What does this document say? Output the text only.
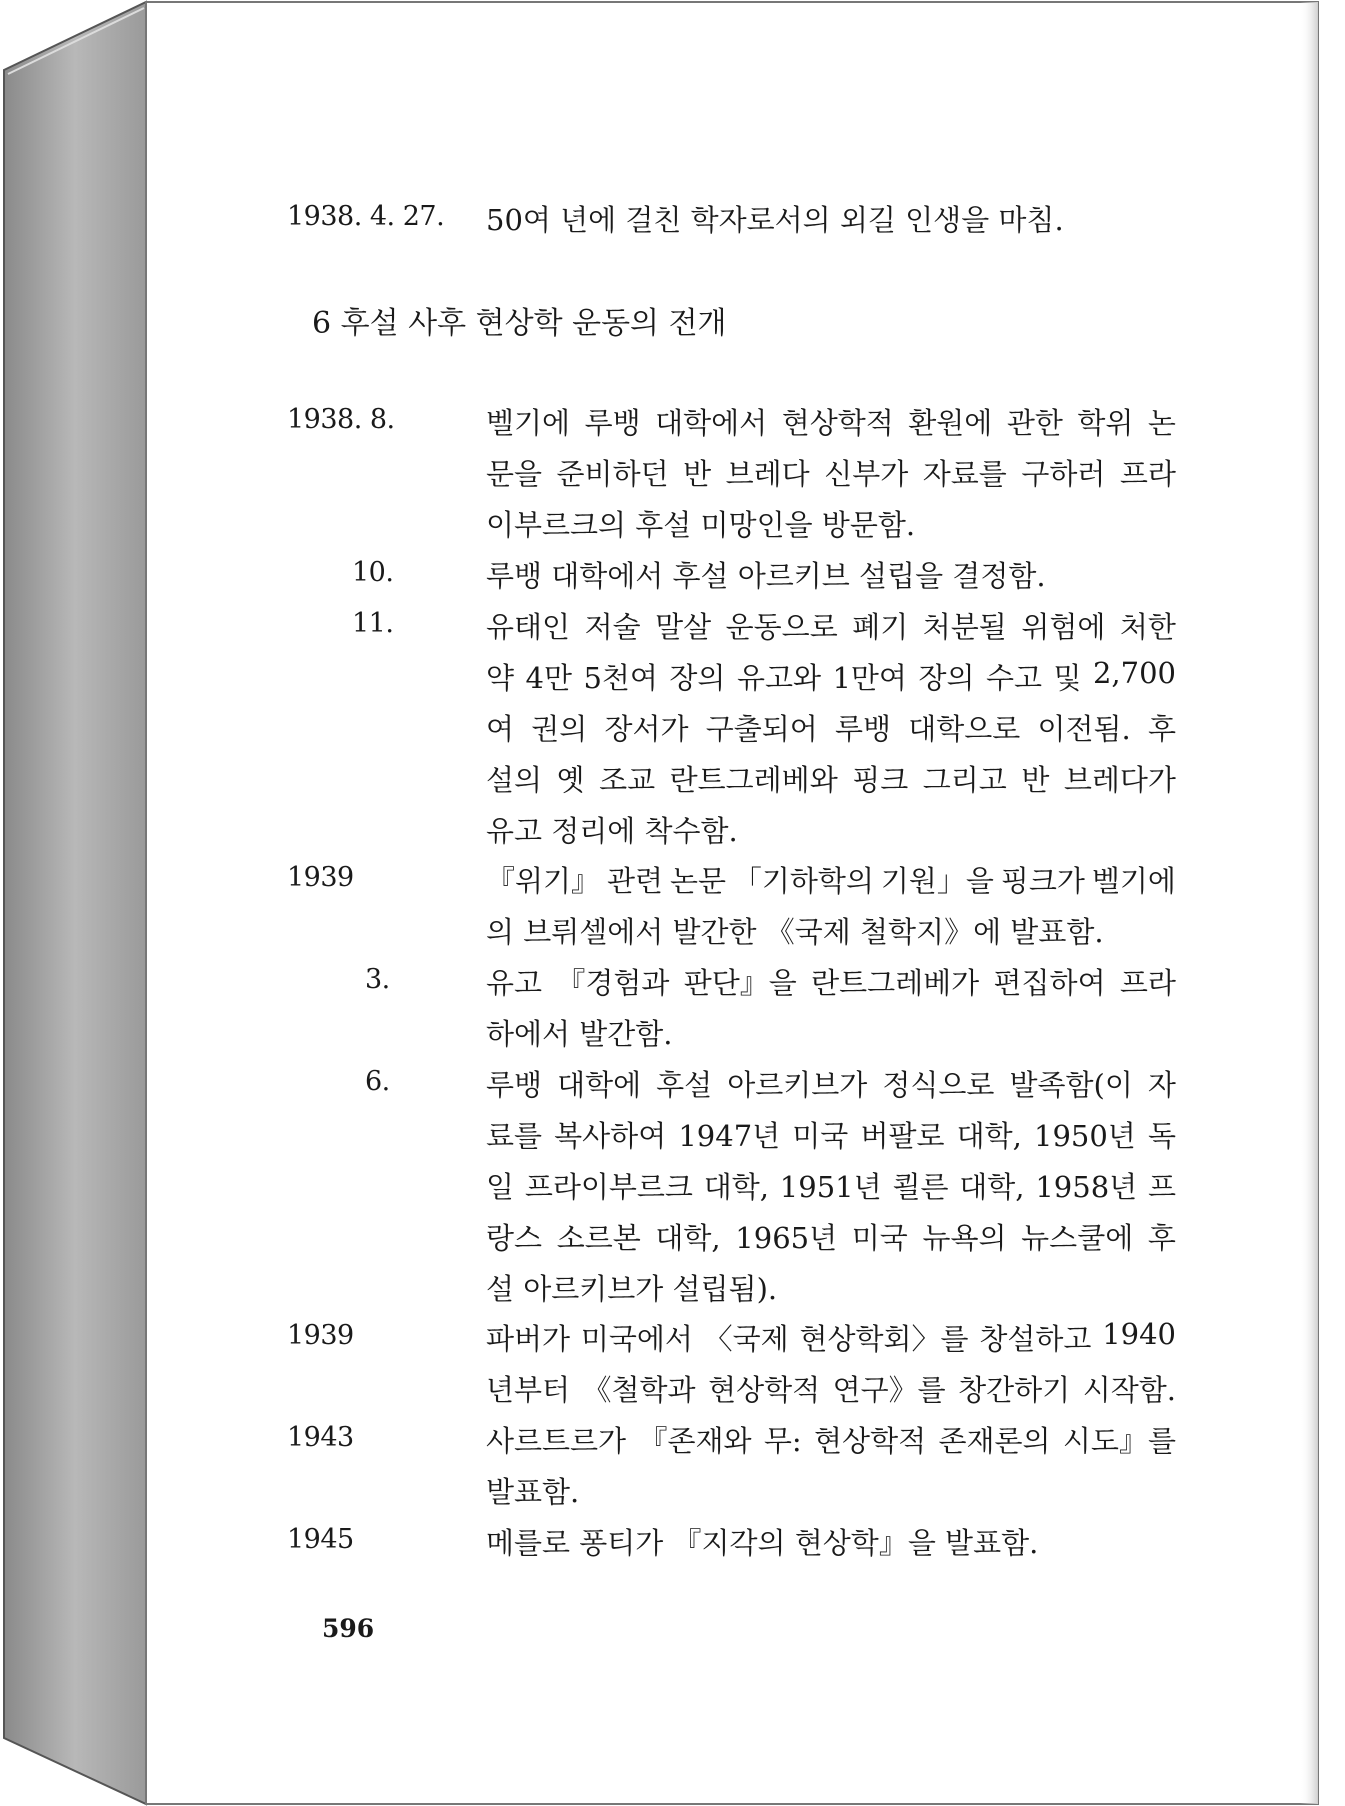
1938. 4. 27. 50여 년에 걸친 학자로서의 외길 인생을 마침.
6 후설 사후 현상학 운동의 전개
1938. 8.	벨기에 루뱅 대학에서 현상학적 환원에 관한 학위 논
문을 준비하던 반 브레다 신부가 자료를 구하러 프라
이부르크의 후설 미망인을 방문함.
10.	루뱅 대학에서 후설 아르키브 설립을 결정함.
11.	유태인 저술 말살 운동으로 폐기 처분될 위험에 처한
약 4만 5천여 장의 유고와 1만여 장의 수고 및 2,700
여 권의 장서가 구출되어 루뱅 대학으로 이전됨. 후
설의 옛 조교 란트그레베와 핑크 그리고 반 브레다가
유고 정리에 착수함.
1939	『위기』 관련 논문 「기하학의 기원」을 핑크가 벨기에
의 브뤼셀에서 발간한 《국제 철학지》에 발표함.
3.	유고 『경험과 판단』을 란트그레베가 편집하여 프라
하에서 발간함.
6.	루뱅 대학에 후설 아르키브가 정식으로 발족함(이 자
료를 복사하여 1947년 미국 버팔로 대학, 1950년 독
일 프라이부르크 대학, 1951년 쾰른 대학, 1958년 프
랑스 소르본 대학, 1965년 미국 뉴욕의 뉴스쿨에 후
설 아르키브가 설립됨).
1939	파버가 미국에서 〈국제 현상학회〉를 창설하고 1940
년부터 《철학과 현상학적 연구》를 창간하기 시작함.
1943	사르트르가 『존재와 무: 현상학적 존재론의 시도』를
발표함.
1945	메를로 퐁티가 『지각의 현상학』을 발표함.
596
